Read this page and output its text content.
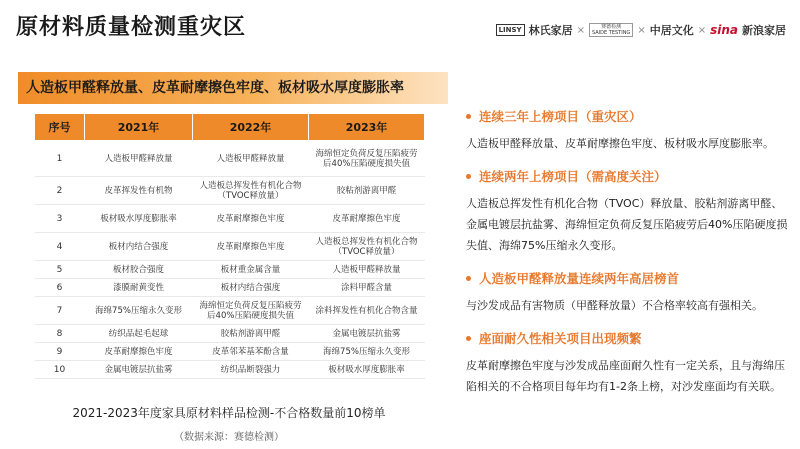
原材料质量检测重灾区	LINSY 林氏家居 ×	赛德检测
SAIDE TESTING × 中居文化 × sina 新浪家居
人造板甲醛释放量、皮革耐摩擦色牢度、板材吸水厚度膨胀率
序号	2021年	2022年	2023年
1	人造板甲醛释放量	人造板甲醛释放量	海绵恒定负荷反复压陷疲劳后40%压陷硬度损失值
2	皮革挥发性有机物	人造板总挥发性有机化合物（TVOC释放量）	胶粘剂游离甲醛
3	板材吸水厚度膨胀率	皮革耐摩擦色牢度	皮革耐摩擦色牢度
4	板材内结合强度	皮革耐摩擦色牢度	人造板总挥发性有机化合物（TVOC释放量）
5	板材胶合强度	板材重金属含量	人造板甲醛释放量
6	漆膜耐黄变性	板材内结合强度	涂料甲醛含量
7	海绵75%压缩永久变形	海绵恒定负荷反复压陷疲劳后40%压陷硬度损失值	涂料挥发性有机化合物含量
8	纺织品起毛起球	胶粘剂游离甲醛	金属电镀层抗盐雾
9	皮革耐摩擦色牢度	皮革邻苯基苯酚含量	海绵75%压缩永久变形
10	金属电镀层抗盐雾	纺织品断裂强力	板材吸水厚度膨胀率
2021-2023年度家具原材料样品检测-不合格数量前10榜单
（数据来源：赛德检测）
连续三年上榜项目（重灾区）
人造板甲醛释放量、皮革耐摩擦色牢度、板材吸水厚度膨胀率。
连续两年上榜项目（需高度关注）
人造板总挥发性有机化合物（TVOC）释放量、胶粘剂游离甲醛、金属电镀层抗盐雾、海绵恒定负荷反复压陷疲劳后40%压陷硬度损失值、海绵75%压缩永久变形。
人造板甲醛释放量连续两年高居榜首
与沙发成品有害物质（甲醛释放量）不合格率较高有强相关。
座面耐久性相关项目出现频繁
皮革耐摩擦色牢度与沙发成品座面耐久性有一定关系，且与海绵压陷相关的不合格项目每年均有1-2条上榜，对沙发座面均有关联。
